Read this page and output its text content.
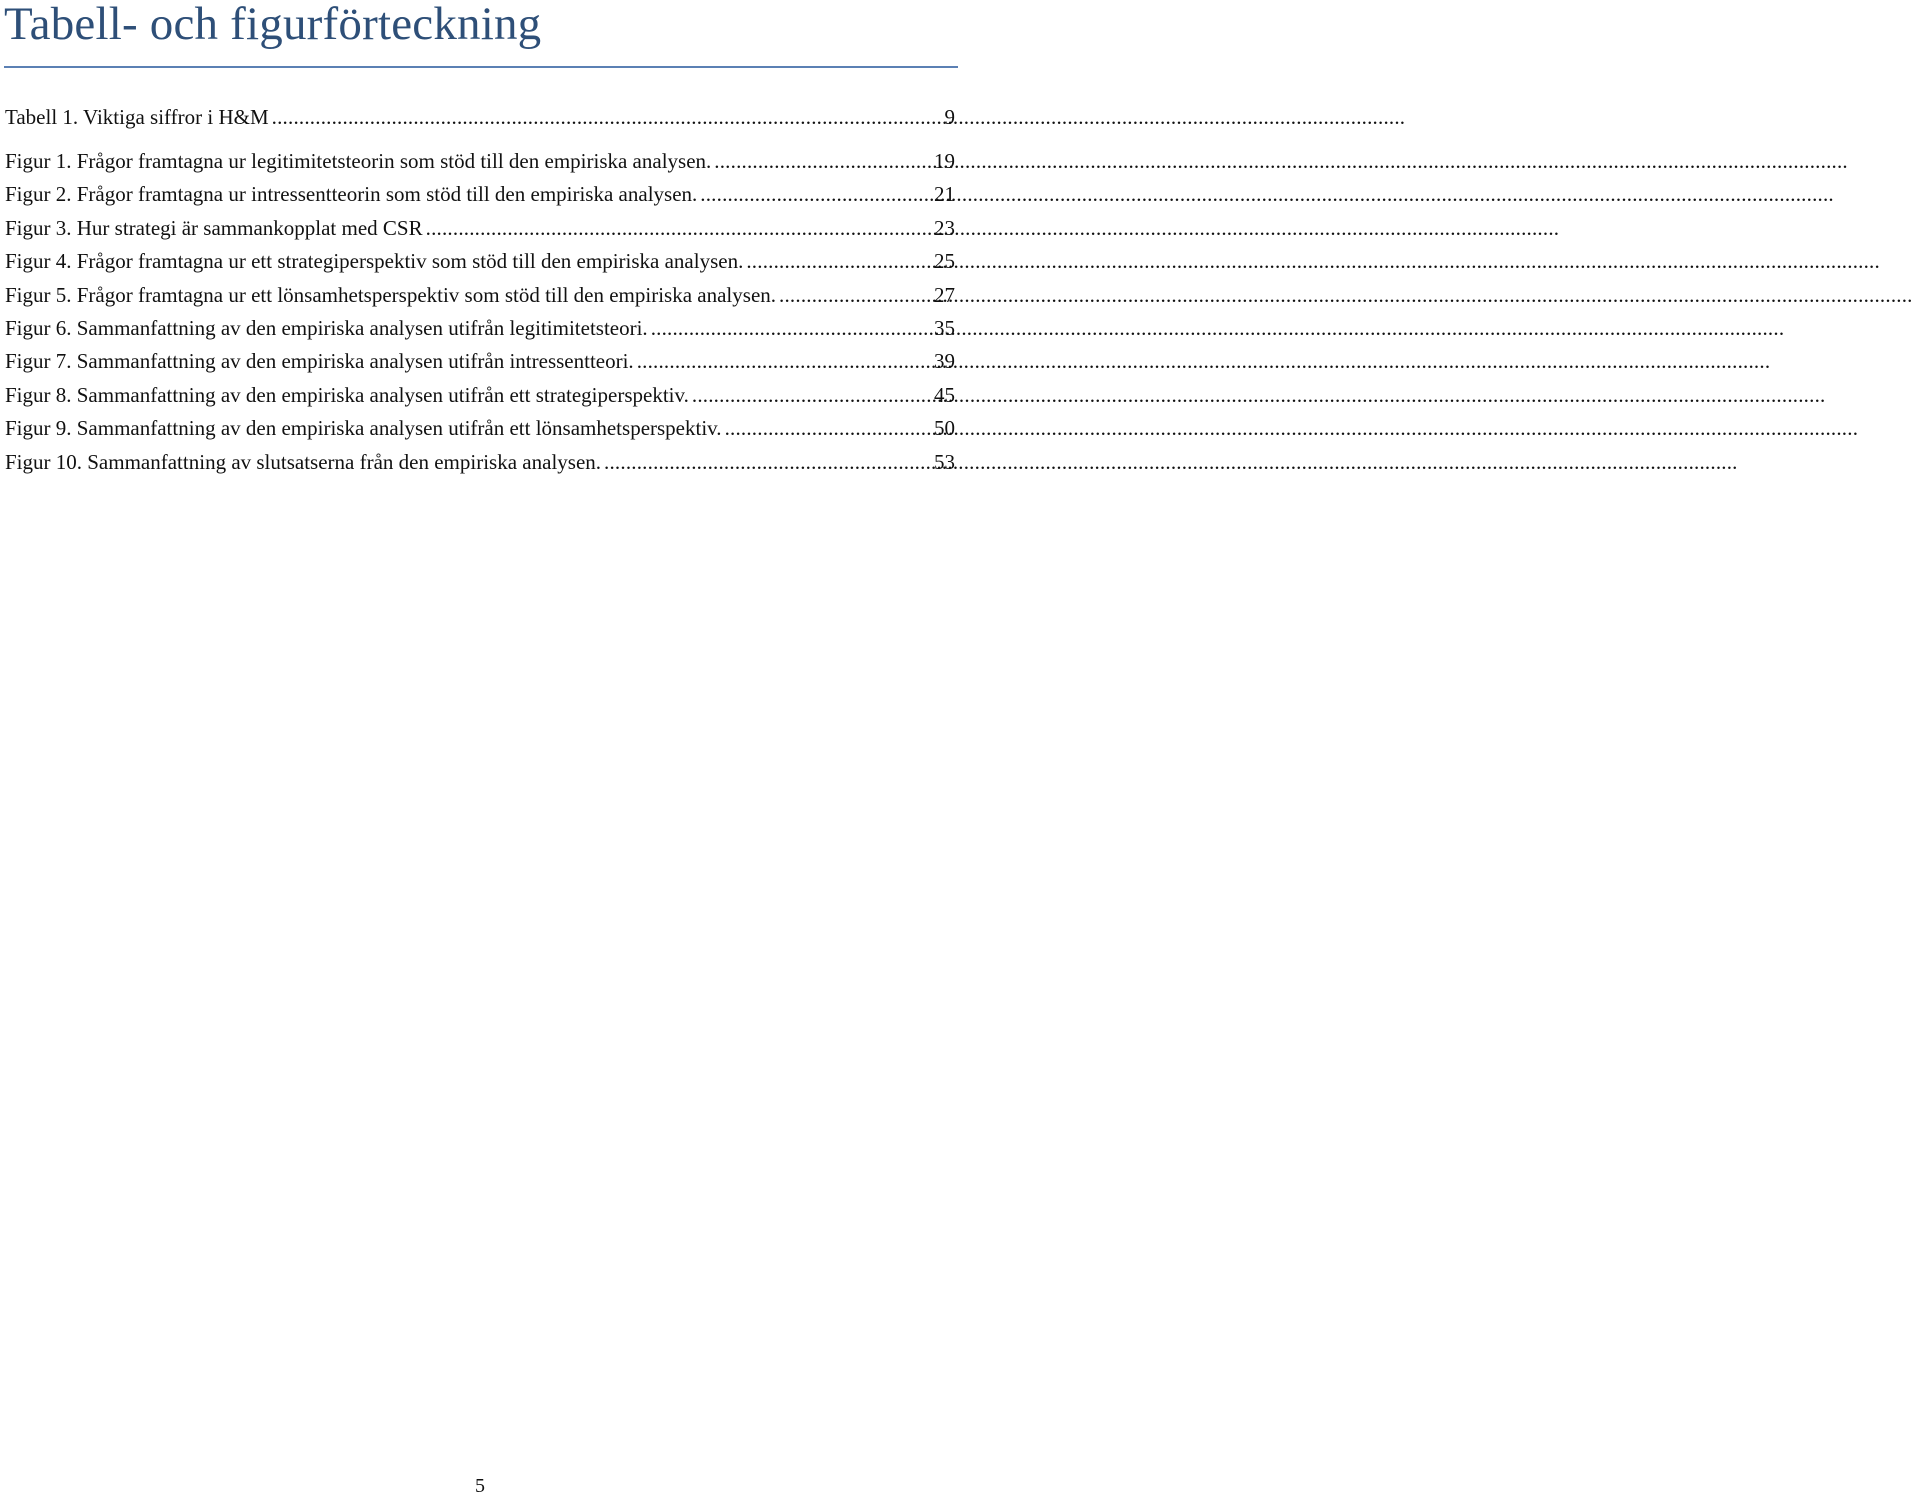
Tabell- och figurförteckning
Tabell 1. Viktiga siffror i H&M .....	9
Figur 1. Frågor framtagna ur legitimitetsteorin som stöd till den empiriska analysen. .....	19
Figur 2. Frågor framtagna ur intressentteorin som stöd till den empiriska analysen. .....	21
Figur 3. Hur strategi är sammankopplat med CSR .....	23
Figur 4. Frågor framtagna ur ett strategiperspektiv som stöd till den empiriska analysen. .....	25
Figur 5. Frågor framtagna ur ett lönsamhetsperspektiv som stöd till den empiriska analysen. .....	27
Figur 6. Sammanfattning av den empiriska analysen utifrån legitimitetsteori. .....	35
Figur 7. Sammanfattning av den empiriska analysen utifrån intressentteori. .....	39
Figur 8. Sammanfattning av den empiriska analysen utifrån ett strategiperspektiv. .....	45
Figur 9. Sammanfattning av den empiriska analysen utifrån ett lönsamhetsperspektiv. .....	50
Figur 10. Sammanfattning av slutsatserna från den empiriska analysen. .....	53
5
